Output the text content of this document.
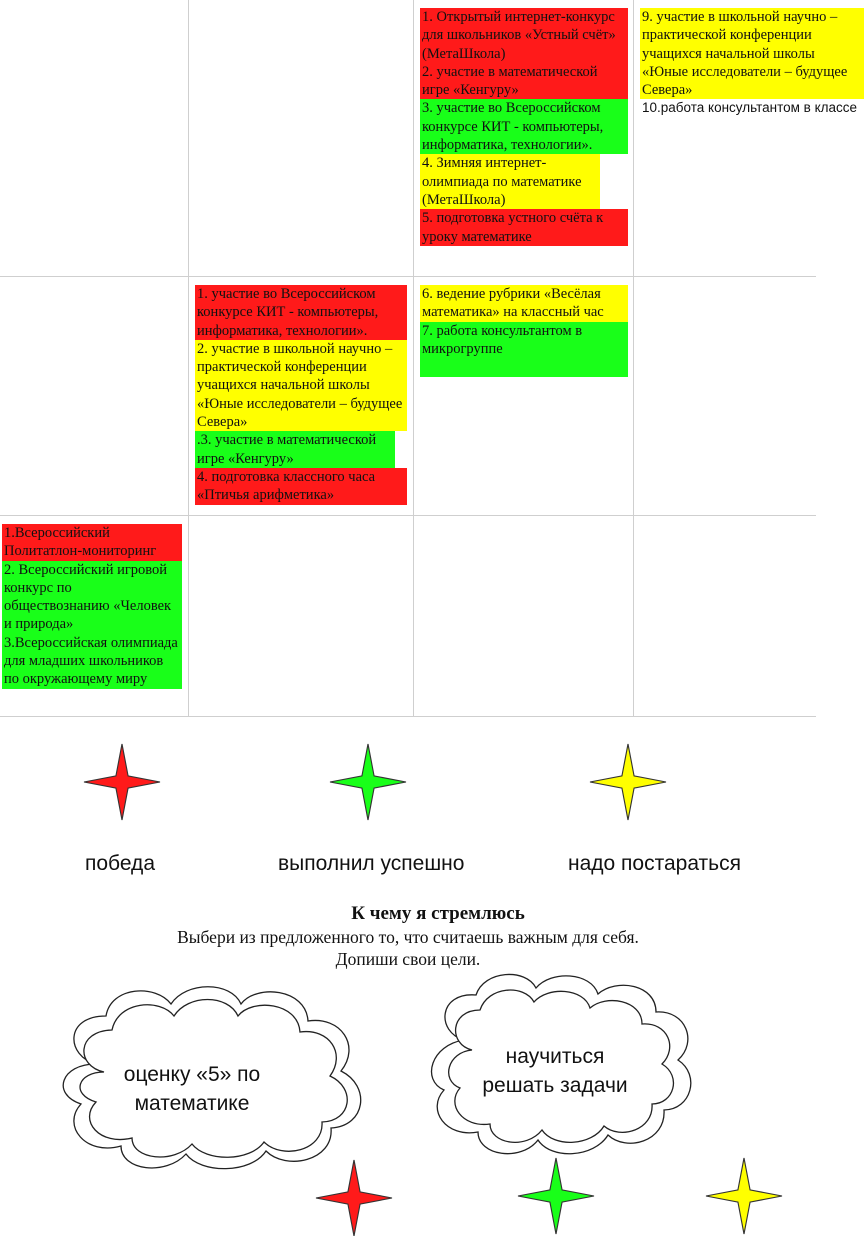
1. Открытый интернет-конкурс для школьников «Устный счёт» (МетаШкола)
2. участие в математической игре «Кенгуру»
3. участие во Всероссийском конкурсе КИТ - компьютеры, информатика, технологии».
4. Зимняя интернет-олимпиада по математике (МетаШкола)
5. подготовка устного счёта к уроку математике
9. участие в школьной научно – практической конференции учащихся начальной школы «Юные исследователи – будущее Севера»
10.работа консультантом в классе
1. участие во Всероссийском конкурсе КИТ - компьютеры, информатика, технологии».
2. участие в школьной научно – практической конференции учащихся начальной школы «Юные исследователи – будущее Севера»
.3. участие в математической игре «Кенгуру»
4. подготовка классного часа «Птичья арифметика»
6. ведение рубрики «Весёлая математика» на классный час
7. работа консультантом в микрогруппе
1.Всероссийский Политатлон-мониторинг
2. Всероссийский игровой конкурс по обществознанию «Человек и природа» 3.Всероссийская олимпиада для младших школьников по окружающему миру
победа	выполнил успешно	надо постараться
К чему я стремлюсь
Выбери из предложенного то, что считаешь важным для себя.
Допиши свои цели.
оценку «5» по
математике
научиться
решать задачи
